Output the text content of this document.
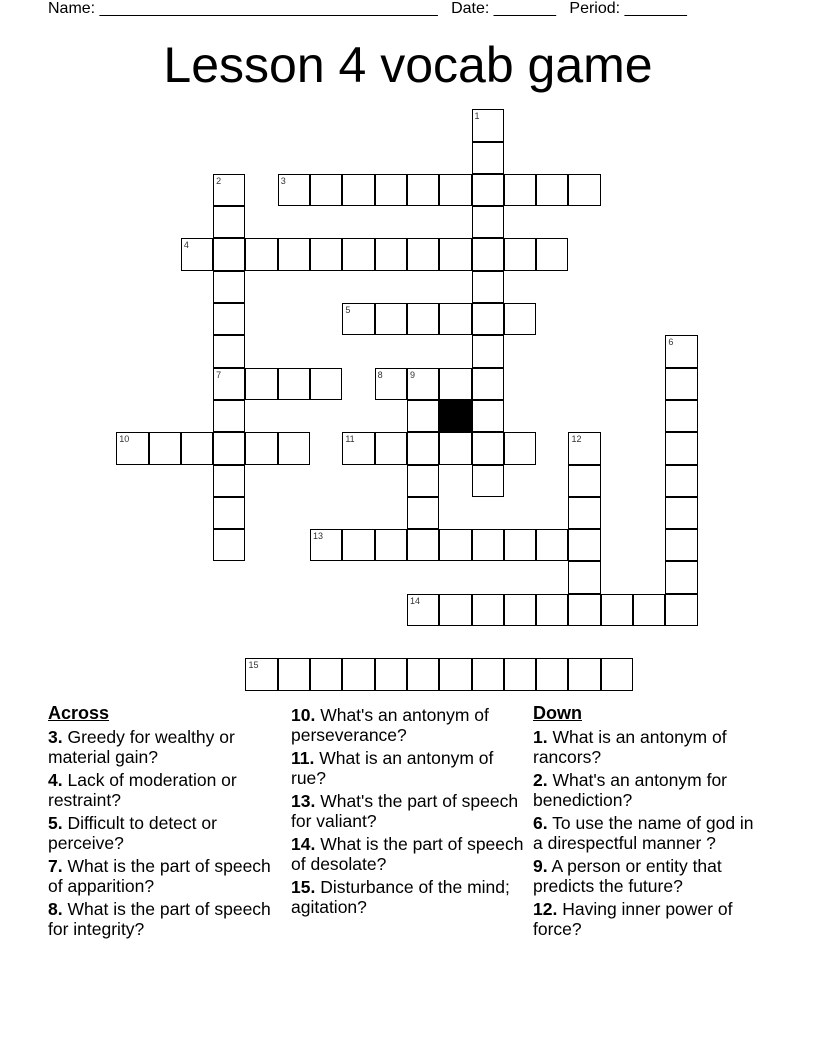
Name: ______________________________________ Date: _______ Period: _______
Lesson 4 vocab game
1
2
7
3
4
5
6
8	9
10	11	12
13
14
15
Across
3. Greedy for wealthy or material gain?
4. Lack of moderation or restraint?
5. Difficult to detect or perceive?
7. What is the part of speech of apparition?
8. What is the part of speech for integrity?
10. What's an antonym of perseverance?
11. What is an antonym of rue?
13. What's the part of speech for valiant?
14. What is the part of speech of desolate?
15. Disturbance of the mind; agitation?
Down
1. What is an antonym of rancors?
2. What's an antonym for benediction?
6. To use the name of god in a direspectful manner ?
9. A person or entity that predicts the future?
12. Having inner power of force?
